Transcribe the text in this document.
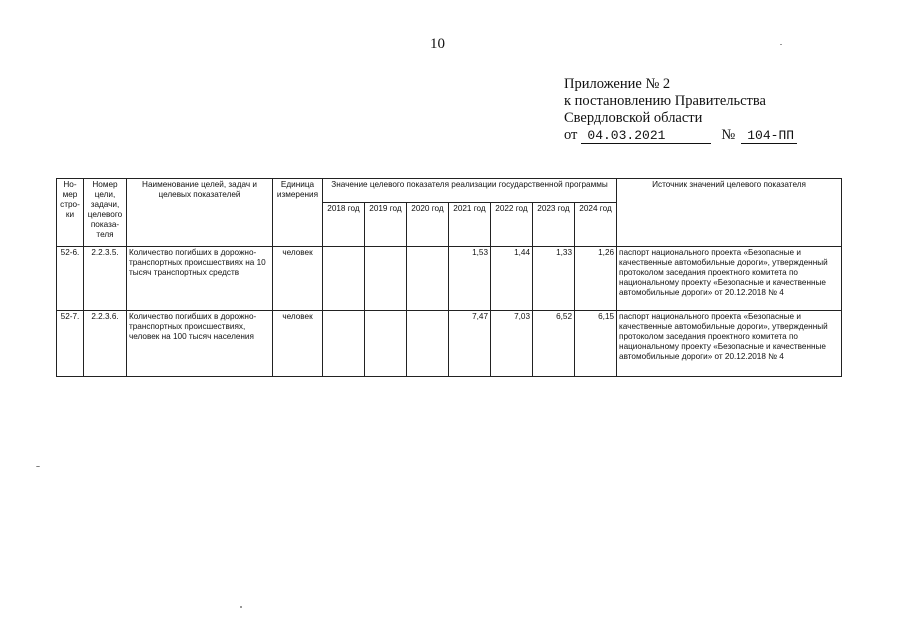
10
Приложение № 2
к постановлению Правительства
Свердловской области
от 04.03.2021	№ 104-ПП
Но-мер стро-ки	Номер цели, задачи, целевого показа-теля	Наименование целей, задач и целевых показателей	Единица измерения	Значение целевого показателя реализации государственной программы							Источник значений целевого показателя
				2018 год	2019 год	2020 год	2021 год	2022 год	2023 год	2024 год	
52-6.	2.2.3.5.	Количество погибших в дорожно-транспортных происшествиях на 10 тысяч транспортных средств	человек				1,53	1,44	1,33	1,26	паспорт национального проекта «Безопасные и качественные автомобильные дороги», утвержденный протоколом заседания проектного комитета по национальному проекту «Безопасные и качественные автомобильные дороги» от 20.12.2018 № 4
52-7.	2.2.3.6.	Количество погибших в дорожно-транспортных происшествиях, человек на 100 тысяч населения	человек				7,47	7,03	6,52	6,15	паспорт национального проекта «Безопасные и качественные автомобильные дороги», утвержденный протоколом заседания проектного комитета по национальному проекту «Безопасные и качественные автомобильные дороги» от 20.12.2018 № 4
